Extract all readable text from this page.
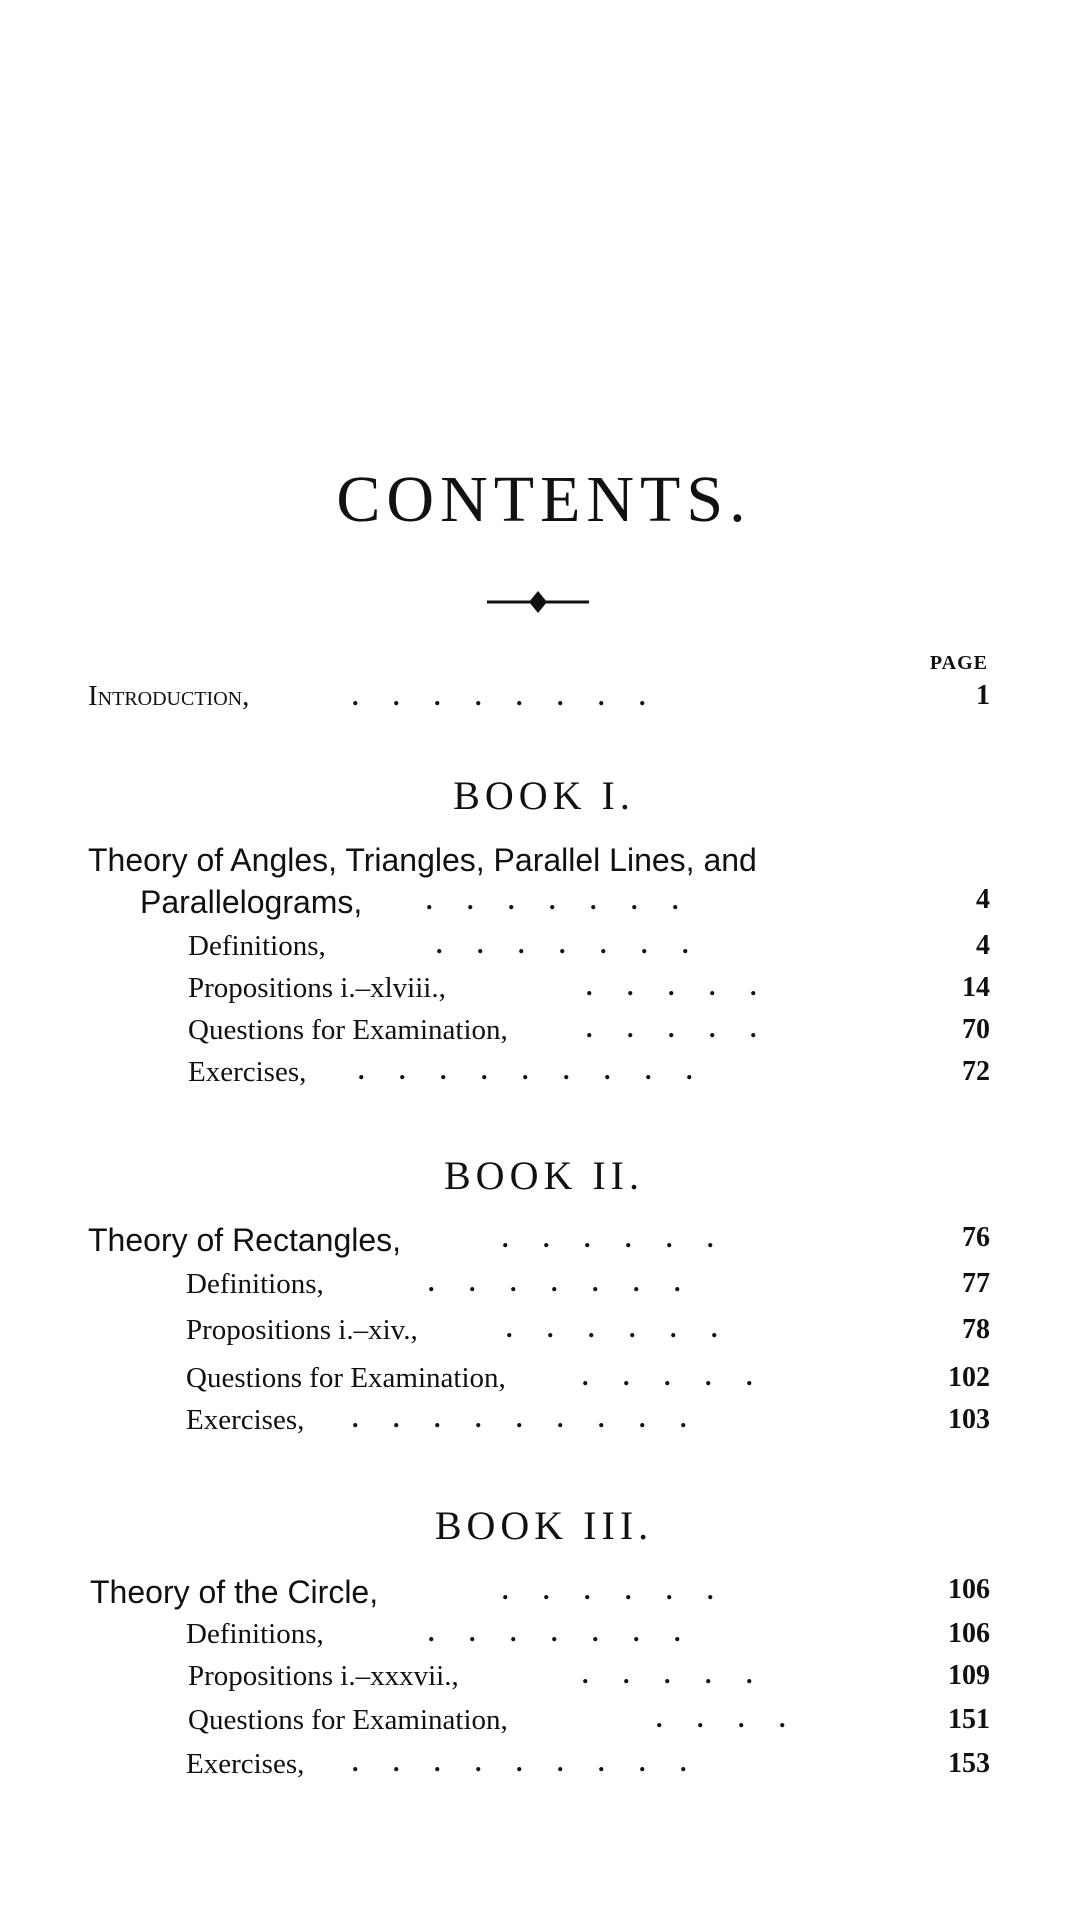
CONTENTS.
PAGE
Introduction,	. . . . . . . .	1
BOOK I.
Theory of Angles, Triangles, Parallel Lines, and
Parallelograms, . . . . . . .	4
Definitions,	. . . . . . .	4
Propositions i.–xlviii.,	. . . . .	14
Questions for Examination,	. . . . .	70
Exercises, . . . . . . . . .	72
BOOK II.
Theory of Rectangles,	. . . . . .	76
Definitions,	. . . . . . .	77
Propositions i.–xiv.,	. . . . . .	78
Questions for Examination,	. . . . .	102
Exercises, . . . . . . . . .	103
BOOK III.
Theory of the Circle,	. . . . . .	106
Definitions,	. . . . . . .	106
Propositions i.–xxxvii.,	. . . . .	109
Questions for Examination,	. . . .	151
Exercises, . . . . . . . . .	153
